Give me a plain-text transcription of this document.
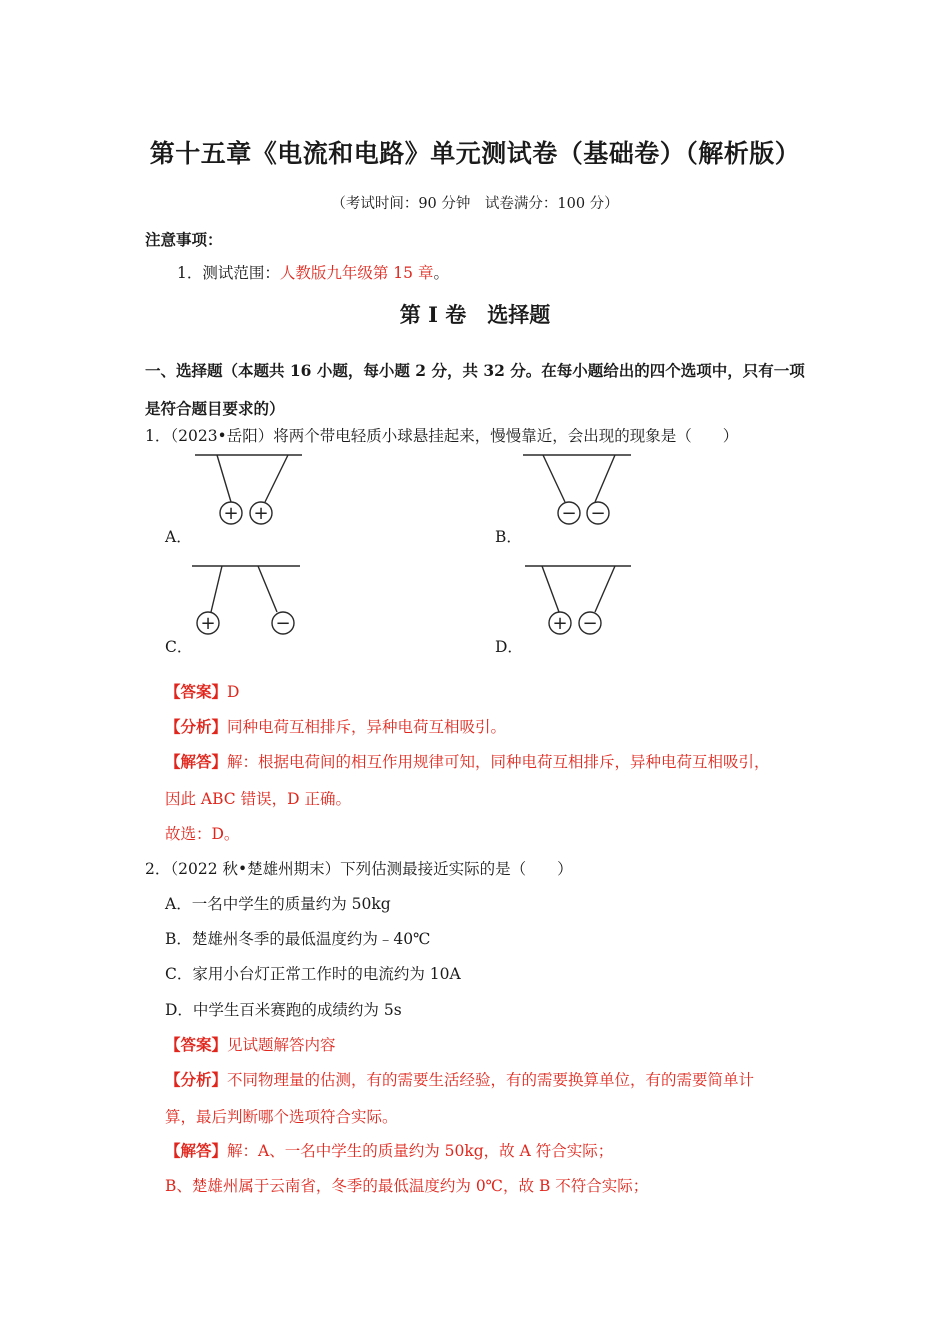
第十五章《电流和电路》单元测试卷（基础卷）（解析版）
（考试时间：90 分钟　试卷满分：100 分）
注意事项：
1．测试范围：人教版九年级第 15 章。
第 I 卷　选择题
一、选择题（本题共 16 小题，每小题 2 分，共 32 分。在每小题给出的四个选项中，只有一项是符合题目要求的）
1．（2023•岳阳）将两个带电轻质小球悬挂起来，慢慢靠近，会出现的现象是（　　）
+ +
A．
− −
B．
+	−
C．
+ −
D．
【答案】D
【分析】同种电荷互相排斥，异种电荷互相吸引。
【解答】解：根据电荷间的相互作用规律可知，同种电荷互相排斥，异种电荷互相吸引，
因此 ABC 错误，D 正确。
故选：D。
2．（2022 秋•楚雄州期末）下列估测最接近实际的是（　　）
A．一名中学生的质量约为 50kg
B．楚雄州冬季的最低温度约为﹣40℃
C．家用小台灯正常工作时的电流约为 10A
D．中学生百米赛跑的成绩约为 5s
【答案】见试题解答内容
【分析】不同物理量的估测，有的需要生活经验，有的需要换算单位，有的需要简单计
算，最后判断哪个选项符合实际。
【解答】解：A、一名中学生的质量约为 50kg，故 A 符合实际；
B、楚雄州属于云南省，冬季的最低温度约为 0℃，故 B 不符合实际；
